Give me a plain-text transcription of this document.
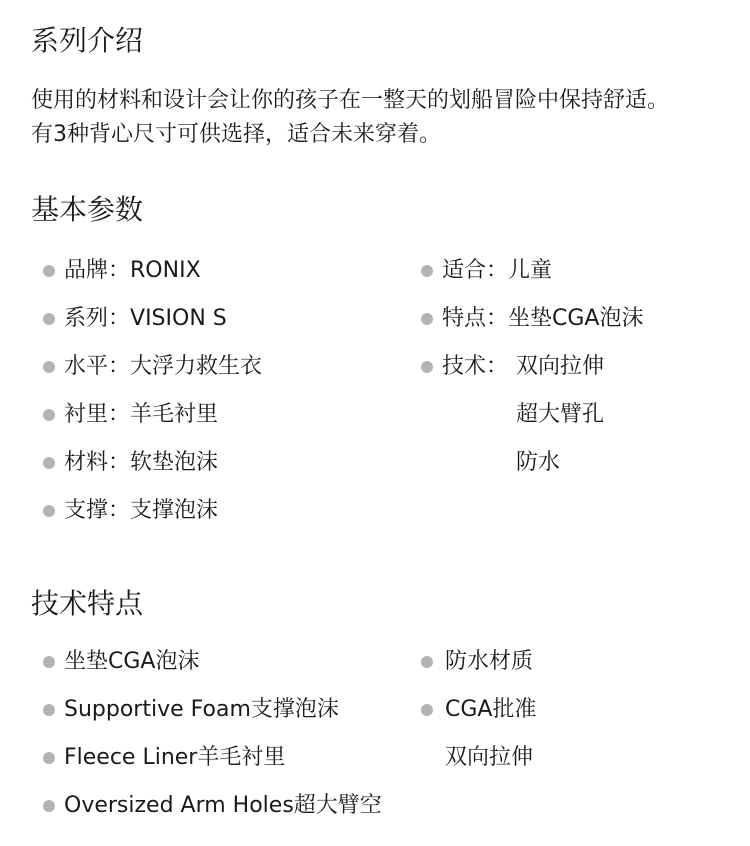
系列介绍

使用的材料和设计会让你的孩子在一整天的划船冒险中保持舒适。

有3种背心尺寸可供选择，适合未来穿着。

基本参数
品牌： RONIX
系列： VISION S
水平： 大浮力救生衣
衬里： 羊毛衬里
材料： 软垫泡沫
支撑： 支撑泡沫
适合： 儿童
特点： 坐垫CGA泡沫
技术： 双向拉伸
超大臂孔
防水
技术特点
坐垫CGA泡沫
Supportive Foam支撑泡沫
Fleece Liner羊毛衬里
Oversized Arm Holes超大臂空
防水材质
CGA批准
双向拉伸
